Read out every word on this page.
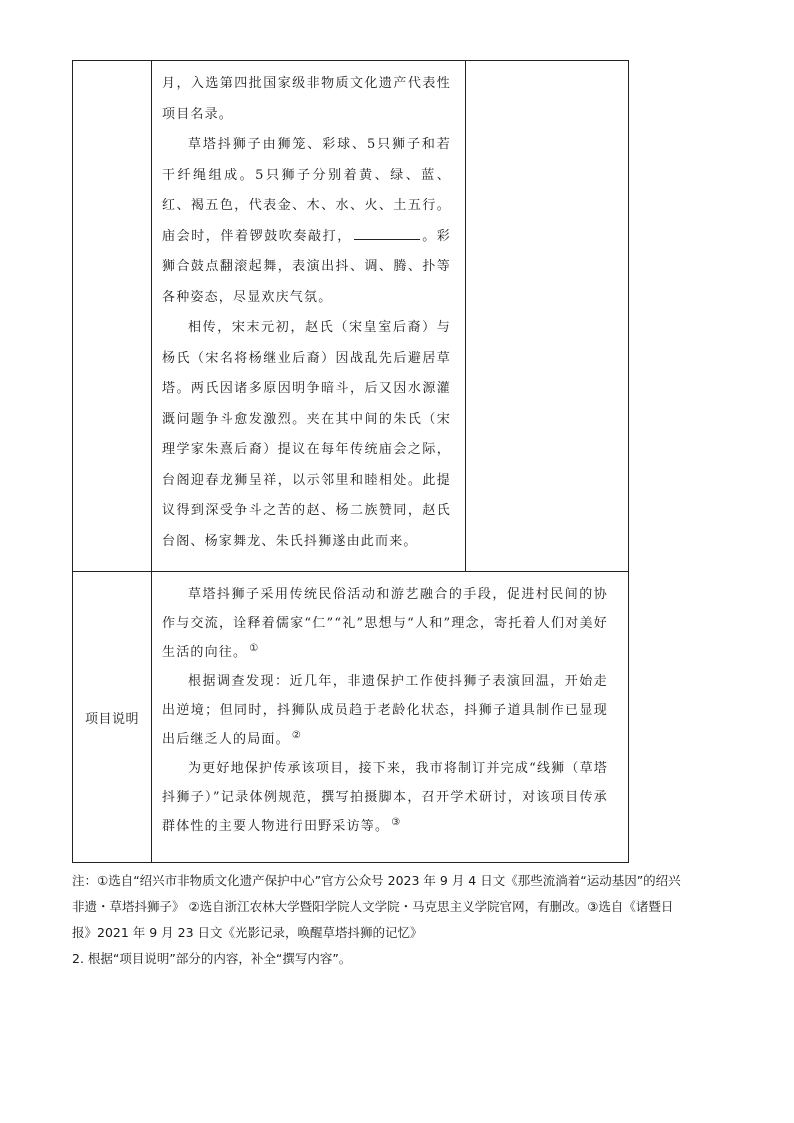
	月，入选第四批国家级非物质文化遗产代表性项目名录。

草塔抖狮子由狮笼、彩球、5只狮子和若干纤绳组成。5只狮子分别着黄、绿、蓝、红、褐五色，代表金、木、水、火、土五行。庙会时，伴着锣鼓吹奏敲打， 。彩狮合鼓点翻滚起舞，表演出抖、调、腾、扑等各种姿态，尽显欢庆气氛。

相传，宋末元初，赵氏（宋皇室后裔）与杨氏（宋名将杨继业后裔）因战乱先后避居草塔。两氏因诸多原因明争暗斗，后又因水源灌溉问题争斗愈发激烈。夹在其中间的朱氏（宋理学家朱熹后裔）提议在每年传统庙会之际，台阁迎春龙狮呈祥，以示邻里和睦相处。此提议得到深受争斗之苦的赵、杨二族赞同，赵氏台阁、杨家舞龙、朱氏抖狮遂由此而来。	

项目说明	草塔抖狮子采用传统民俗活动和游艺融合的手段，促进村民间的协作与交流，诠释着儒家“仁”“礼”思想与“人和”理念，寄托着人们对美好生活的向往。 ①

根据调查发现：近几年，非遗保护工作使抖狮子表演回温，开始走出逆境；但同时，抖狮队成员趋于老龄化状态，抖狮子道具制作已显现出后继乏人的局面。 ②

为更好地保护传承该项目，接下来，我市将制订并完成“线狮（草塔抖狮子）”记录体例规范，撰写拍摄脚本，召开学术研讨，对该项目传承群体性的主要人物进行田野采访等。 ③

注：①选自“绍兴市非物质文化遗产保护中心”官方公众号 2023 年 9 月 4 日文《那些流淌着“运动基因”的绍兴非遗・草塔抖狮子》 ②选自浙江农林大学暨阳学院人文学院・马克思主义学院官网，有删改。③选自《诸暨日报》2021 年 9 月 23 日文《光影记录，唤醒草塔抖狮的记忆》

2. 根据“项目说明”部分的内容，补全“撰写内容”。
